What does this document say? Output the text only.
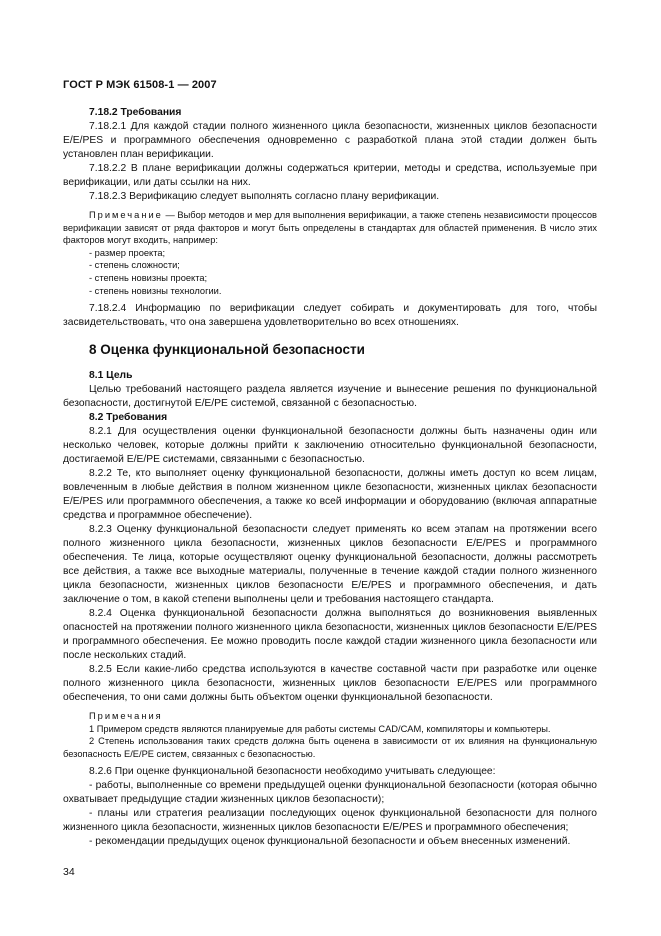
ГОСТ Р МЭК 61508-1 — 2007

7.18.2 Требования

7.18.2.1 Для каждой стадии полного жизненного цикла безопасности, жизненных циклов безопасности E/E/PES и программного обеспечения одновременно с разработкой плана этой стадии должен быть установлен план верификации.

7.18.2.2 В плане верификации должны содержаться критерии, методы и средства, используемые при верификации, или даты ссылки на них.

7.18.2.3 Верификацию следует выполнять согласно плану верификации.

Примечание — Выбор методов и мер для выполнения верификации, а также степень независимости процессов верификации зависят от ряда факторов и могут быть определены в стандартах для областей применения. В число этих факторов могут входить, например:

- размер проекта;

- степень сложности;

- степень новизны проекта;

- степень новизны технологии.

7.18.2.4 Информацию по верификации следует собирать и документировать для того, чтобы засвидетельствовать, что она завершена удовлетворительно во всех отношениях.

8 Оценка функциональной безопасности

8.1 Цель

Целью требований настоящего раздела является изучение и вынесение решения по функциональной безопасности, достигнутой E/E/PE системой, связанной с безопасностью.

8.2 Требования

8.2.1 Для осуществления оценки функциональной безопасности должны быть назначены один или несколько человек, которые должны прийти к заключению относительно функциональной безопасности, достигаемой E/E/PE системами, связанными с безопасностью.

8.2.2 Те, кто выполняет оценку функциональной безопасности, должны иметь доступ ко всем лицам, вовлеченным в любые действия в полном жизненном цикле безопасности, жизненных циклах безопасности E/E/PES или программного обеспечения, а также ко всей информации и оборудованию (включая аппаратные средства и программное обеспечение).

8.2.3 Оценку функциональной безопасности следует применять ко всем этапам на протяжении всего полного жизненного цикла безопасности, жизненных циклов безопасности E/E/PES и программного обеспечения. Те лица, которые осуществляют оценку функциональной безопасности, должны рассмотреть все действия, а также все выходные материалы, полученные в течение каждой стадии полного жизненного цикла безопасности, жизненных циклов безопасности E/E/PES и программного обеспечения, и дать заключение о том, в какой степени выполнены цели и требования настоящего стандарта.

8.2.4 Оценка функциональной безопасности должна выполняться до возникновения выявленных опасностей на протяжении полного жизненного цикла безопасности, жизненных циклов безопасности E/E/PES и программного обеспечения. Ее можно проводить после каждой стадии жизненного цикла безопасности или после нескольких стадий.

8.2.5 Если какие-либо средства используются в качестве составной части при разработке или оценке полного жизненного цикла безопасности, жизненных циклов безопасности E/E/PES или программного обеспечения, то они сами должны быть объектом оценки функциональной безопасности.

Примечания

1 Примером средств являются планируемые для работы системы CAD/CAM, компиляторы и компьютеры.

2 Степень использования таких средств должна быть оценена в зависимости от их влияния на функциональную безопасность E/E/PE систем, связанных с безопасностью.

8.2.6 При оценке функциональной безопасности необходимо учитывать следующее:

- работы, выполненные со времени предыдущей оценки функциональной безопасности (которая обычно охватывает предыдущие стадии жизненных циклов безопасности);

- планы или стратегия реализации последующих оценок функциональной безопасности для полного жизненного цикла безопасности, жизненных циклов безопасности E/E/PES и программного обеспечения;

- рекомендации предыдущих оценок функциональной безопасности и объем внесенных изменений.

34
